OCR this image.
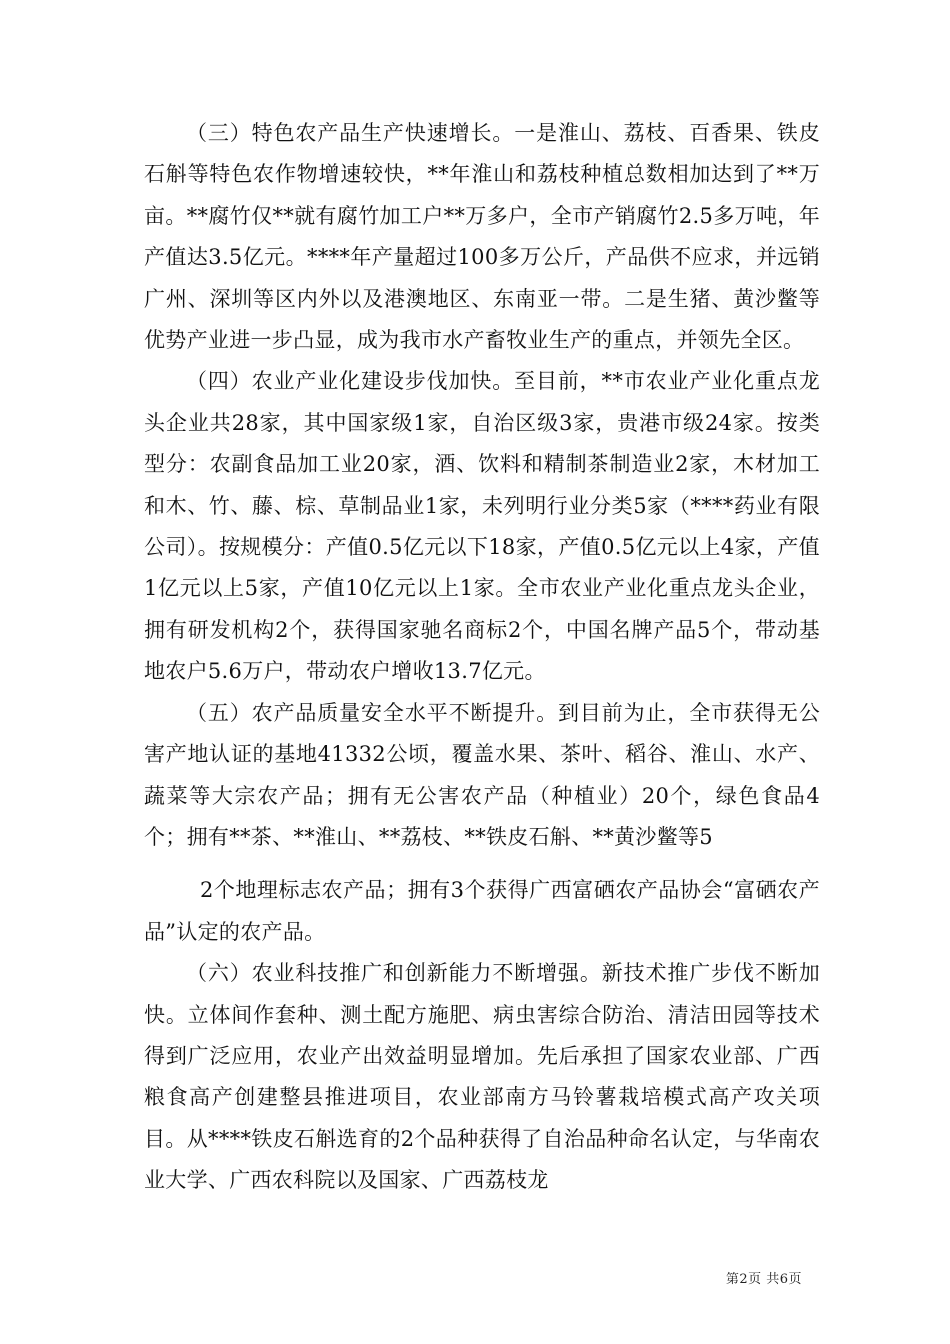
（三）特色农产品生产快速增长。一是淮山、荔枝、百香果、铁皮石斛等特色农作物增速较快，**年淮山和荔枝种植总数相加达到了**万亩。**腐竹仅**就有腐竹加工户**万多户，全市产销腐竹2.5多万吨，年产值达3.5亿元。****年产量超过100多万公斤，产品供不应求，并远销广州、深圳等区内外以及港澳地区、东南亚一带。二是生猪、黄沙鳖等优势产业进一步凸显，成为我市水产畜牧业生产的重点，并领先全区。

（四）农业产业化建设步伐加快。至目前，**市农业产业化重点龙头企业共28家，其中国家级1家，自治区级3家，贵港市级24家。按类型分：农副食品加工业20家，酒、饮料和精制茶制造业2家，木材加工和木、竹、藤、棕、草制品业1家，未列明行业分类5家（****药业有限公司）。按规模分：产值0.5亿元以下18家，产值0.5亿元以上4家，产值1亿元以上5家，产值10亿元以上1家。全市农业产业化重点龙头企业，拥有研发机构2个，获得国家驰名商标2个，中国名牌产品5个，带动基地农户5.6万户，带动农户增收13.7亿元。

（五）农产品质量安全水平不断提升。到目前为止，全市获得无公害产地认证的基地41332公顷，覆盖水果、茶叶、稻谷、淮山、水产、蔬菜等大宗农产品；拥有无公害农产品（种植业）20个，绿色食品4个；拥有**茶、**淮山、**荔枝、**铁皮石斛、**黄沙鳖等5

2个地理标志农产品；拥有3个获得广西富硒农产品协会“富硒农产品”认定的农产品。

（六）农业科技推广和创新能力不断增强。新技术推广步伐不断加快。立体间作套种、测土配方施肥、病虫害综合防治、清洁田园等技术得到广泛应用，农业产出效益明显增加。先后承担了国家农业部、广西粮食高产创建整县推进项目，农业部南方马铃薯栽培模式高产攻关项目。从****铁皮石斛选育的2个品种获得了自治品种命名认定，与华南农业大学、广西农科院以及国家、广西荔枝龙

第2页 共6页
